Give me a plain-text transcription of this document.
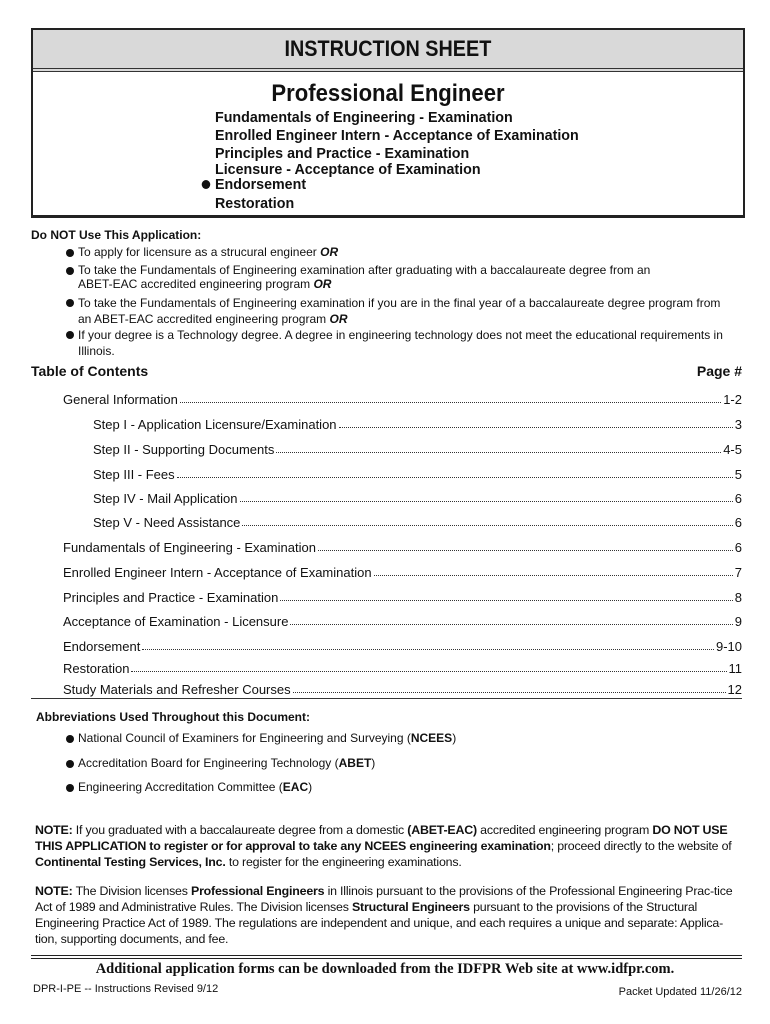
INSTRUCTION SHEET
Professional Engineer
Fundamentals of Engineering - Examination
Enrolled Engineer Intern - Acceptance of Examination
Principles and Practice - Examination
Licensure - Acceptance of Examination
Endorsement
Restoration
Do NOT Use This Application:
To apply for licensure as a strucural engineer OR
To take the Fundamentals of Engineering examination after graduating with a baccalaureate degree from an
ABET-EAC accredited engineering program OR
To take the Fundamentals of Engineering examination if you are in the final year of a baccalaureate degree program from
an ABET-EAC accredited engineering program OR
If your degree is a Technology degree. A degree in engineering technology does not meet the educational requirements in
Illinois.
Table of Contents	Page #
General Information	1-2
Step I - Application Licensure/Examination	3
Step II - Supporting Documents	4-5
Step III - Fees	5
Step IV - Mail Application	6
Step V - Need Assistance	6
Fundamentals of Engineering - Examination	6
Enrolled Engineer Intern - Acceptance of Examination	7
Principles and Practice - Examination	8
Acceptance of Examination - Licensure	9
Endorsement	9-10
Restoration	11
Study Materials and Refresher Courses	12
Abbreviations Used Throughout this Document:
National Council of Examiners for Engineering and Surveying (NCEES)
Accreditation Board for Engineering Technology (ABET)
Engineering Accreditation Committee (EAC)
NOTE: If you graduated with a baccalaureate degree from a domestic (ABET-EAC) accredited engineering program DO NOT USE THIS APPLICATION to register or for approval to take any NCEES engineering examination; proceed directly to the website of Continental Testing Services, Inc. to register for the engineering examinations.
NOTE: The Division licenses Professional Engineers in Illinois pursuant to the provisions of the Professional Engineering Prac-tice Act of 1989 and Administrative Rules. The Division licenses Structural Engineers pursuant to the provisions of the Structural Engineering Practice Act of 1989. The regulations are independent and unique, and each requires a unique and separate: Applica-tion, supporting documents, and fee.
Additional application forms can be downloaded from the IDFPR Web site at www.idfpr.com.
DPR-I-PE -- Instructions Revised 9/12	Packet Updated 11/26/12
